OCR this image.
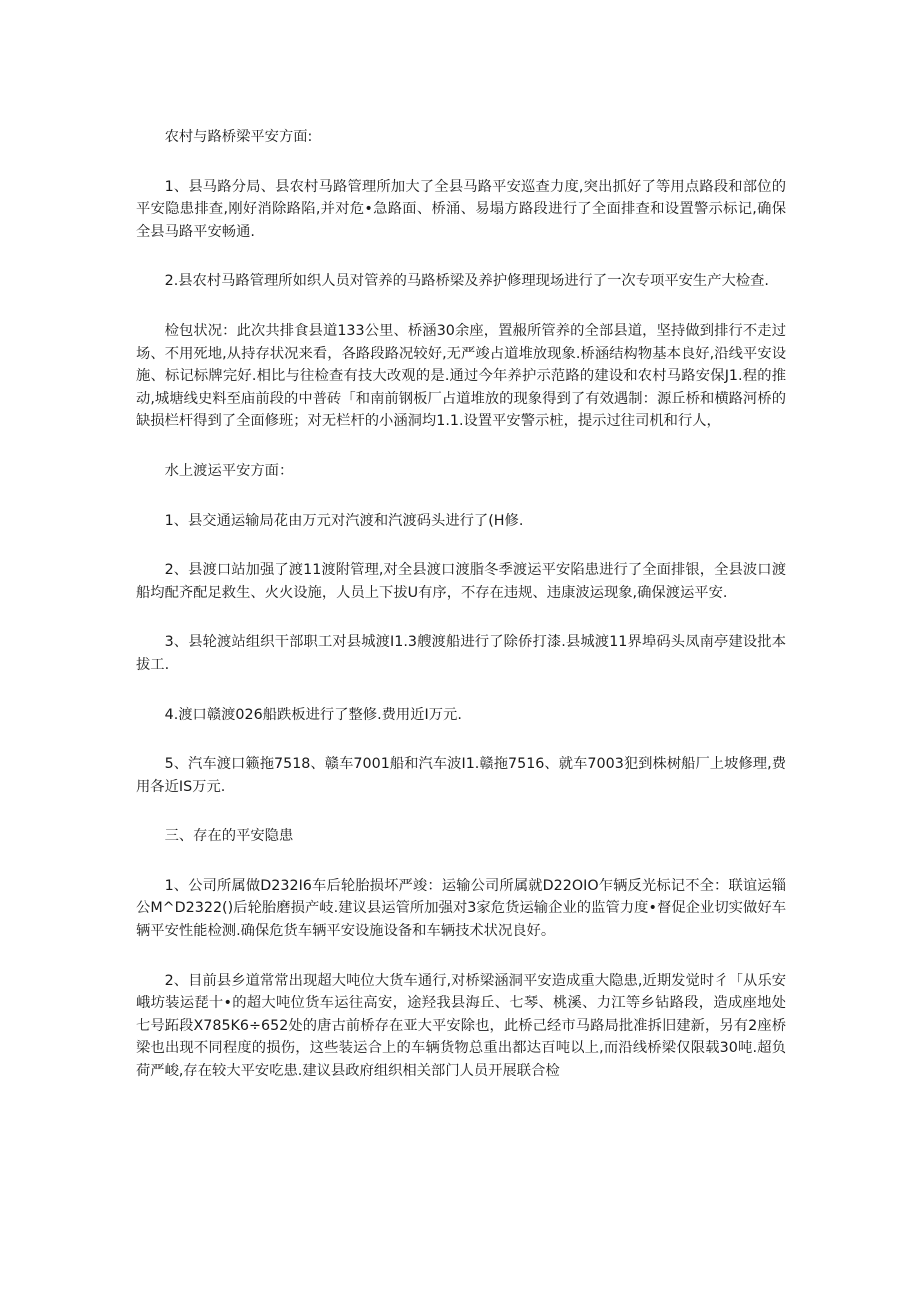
农村与路桥梁平安方面:

1、县马路分局、县农村马路管理所加大了全县马路平安巡查力度,突出抓好了等用点路段和部位的平安隐患排查,刚好消除路陷,并对危•急路面、桥涌、易塌方路段进行了全面排查和设置警示标记,确保全县马路平安畅通.

2.县农村马路管理所如织人员对管养的马路桥梁及养护修理现场进行了一次专项平安生产大检查.

检包状况：此次共排食县道133公里、桥涵30余座，置赧所管养的全部县道，坚持做到排行不走过场、不用死地,从持存状况来看，各路段路况较好,无严竣占道堆放现象.桥涵结构物基本良好,沿线平安设施、标记标牌完好.相比与往检查有技大改观的是.通过今年养护示范路的建设和农村马路安保J1.程的推动,城塘线史料至庙前段的中普砖「和南前钢板厂占道堆放的现象得到了有效遇制：源丘桥和横路河桥的缺损栏杆得到了全面修班；对无栏杆的小涵洞均1.1.设置平安警示桩，提示过往司机和行人，

水上渡运平安方面：

1、县交通运输局花由万元对汽渡和汽渡码头进行了(H修.

2、县渡口站加强了渡11渡附管理,对全县渡口渡脂冬季渡运平安陷患进行了全面排银，全县波口渡船均配齐配足救生、火火设施，人员上下拔U有序，不存在违规、违康波运现象,确保渡运平安.

3、县轮渡站组织干部职工对县城渡I1.3艘渡船进行了除侨打漆.县城渡11界埠码头凤南亭建设批本拔工.

4.渡口赣渡026船跌板进行了整修.费用近I万元.

5、汽车渡口籁拖7518、赣车7001船和汽车波I1.赣拖7516、就车7003犯到株树船厂上坡修理,费用各近IS万元.

三、存在的平安隐患

1、公司所属做D232I6车后轮胎损坏严竣：运输公司所属就D22OIO乍辆反光标记不全：联谊运辎公M^D2322()后轮胎磨损产岐.建议县运管所加强对3家危货运输企业的监管力度•督促企业切实做好车辆平安性能检测.确保危货车辆平安设施设备和车辆技术状况良好。

2、目前县乡道常常出现超大吨位大货车通行,对桥梁涵洞平安造成重大隐患,近期发觉时彳「从乐安峨坊装运琵十•的超大吨位货车运往高安，途羟我县海丘、七琴、桃溪、力江等乡钻路段，造成座地处七号跖段X785K6÷652处的唐古前桥存在亚大平安除也，此桥己经市马路局批准拆旧建新，另有2座桥梁也出现不同程度的损伤，这些装运合上的车辆货物总重出都达百吨以上,而沿线桥梁仅限载30吨.超负荷严峻,存在较大平安吃患.建议县政府组织相关部门人员开展联合检
